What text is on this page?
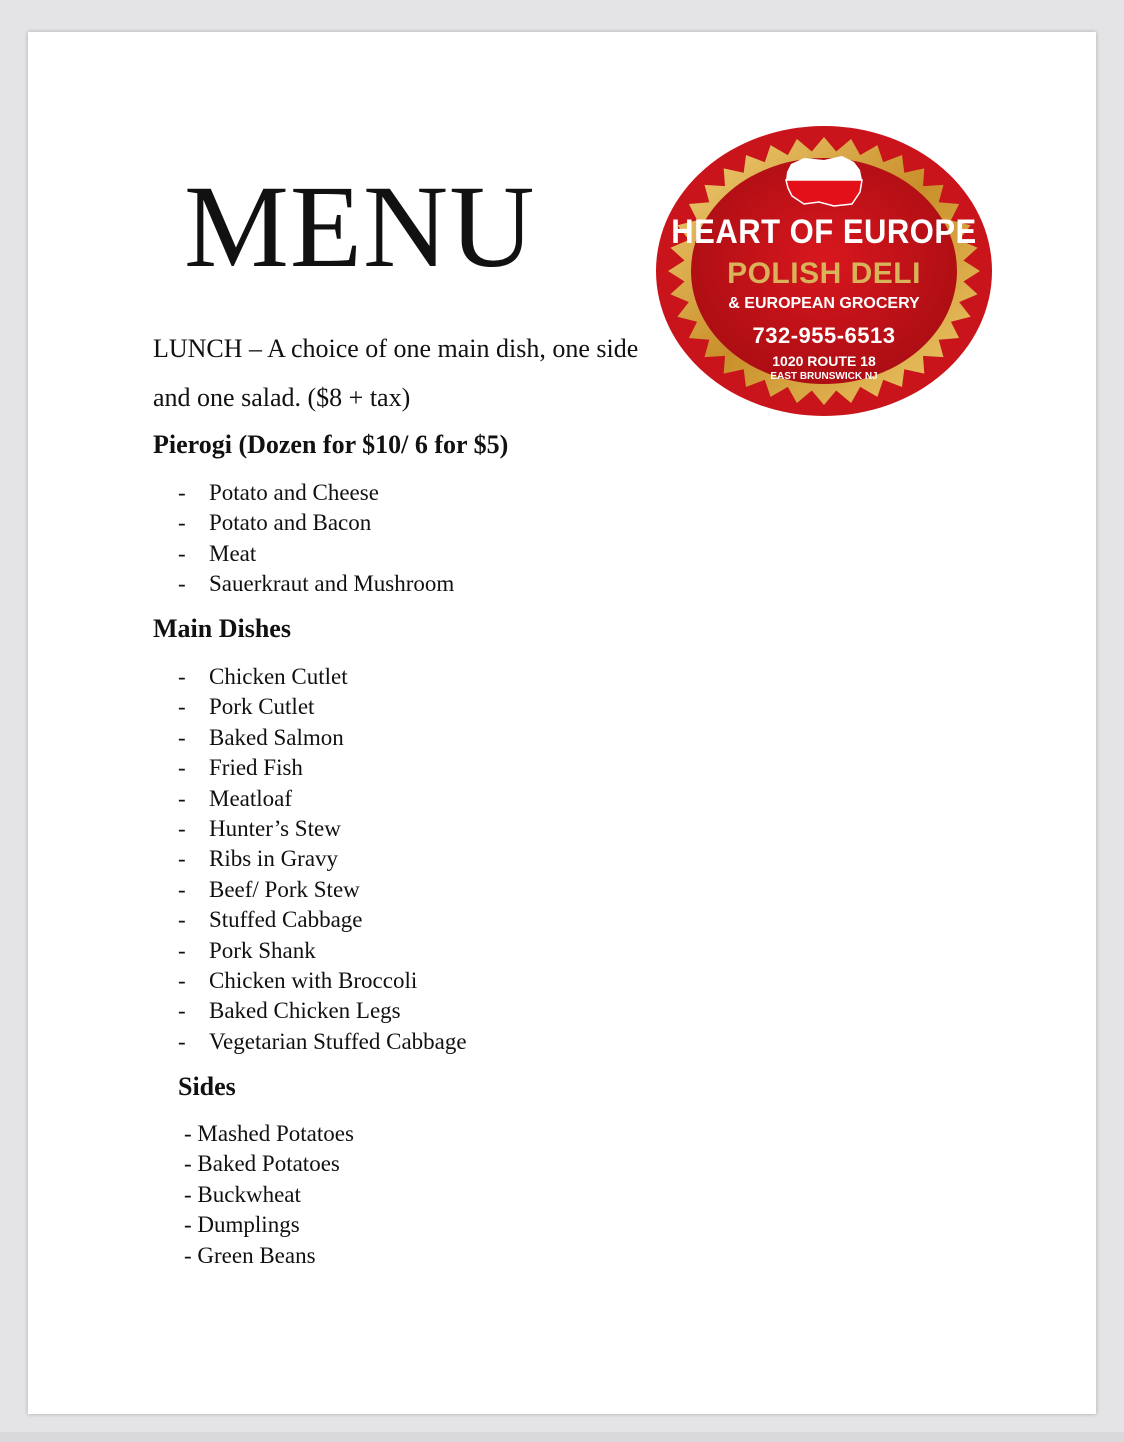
MENU
LUNCH – A choice of one main dish, one side and one salad. ($8 + tax)
Pierogi (Dozen for $10/ 6 for $5)
- Potato and Cheese
- Potato and Bacon
- Meat
- Sauerkraut and Mushroom
Main Dishes
- Chicken Cutlet
- Pork Cutlet
- Baked Salmon
- Fried Fish
- Meatloaf
- Hunter’s Stew
- Ribs in Gravy
- Beef/ Pork Stew
- Stuffed Cabbage
- Pork Shank
- Chicken with Broccoli
- Baked Chicken Legs
- Vegetarian Stuffed Cabbage
Sides
- Mashed Potatoes
- Baked Potatoes
- Buckwheat
- Dumplings
- Green Beans
HEART OF EUROPE
POLISH DELI
& EUROPEAN GROCERY
732-955-6513
1020 ROUTE 18
EAST BRUNSWICK NJ
